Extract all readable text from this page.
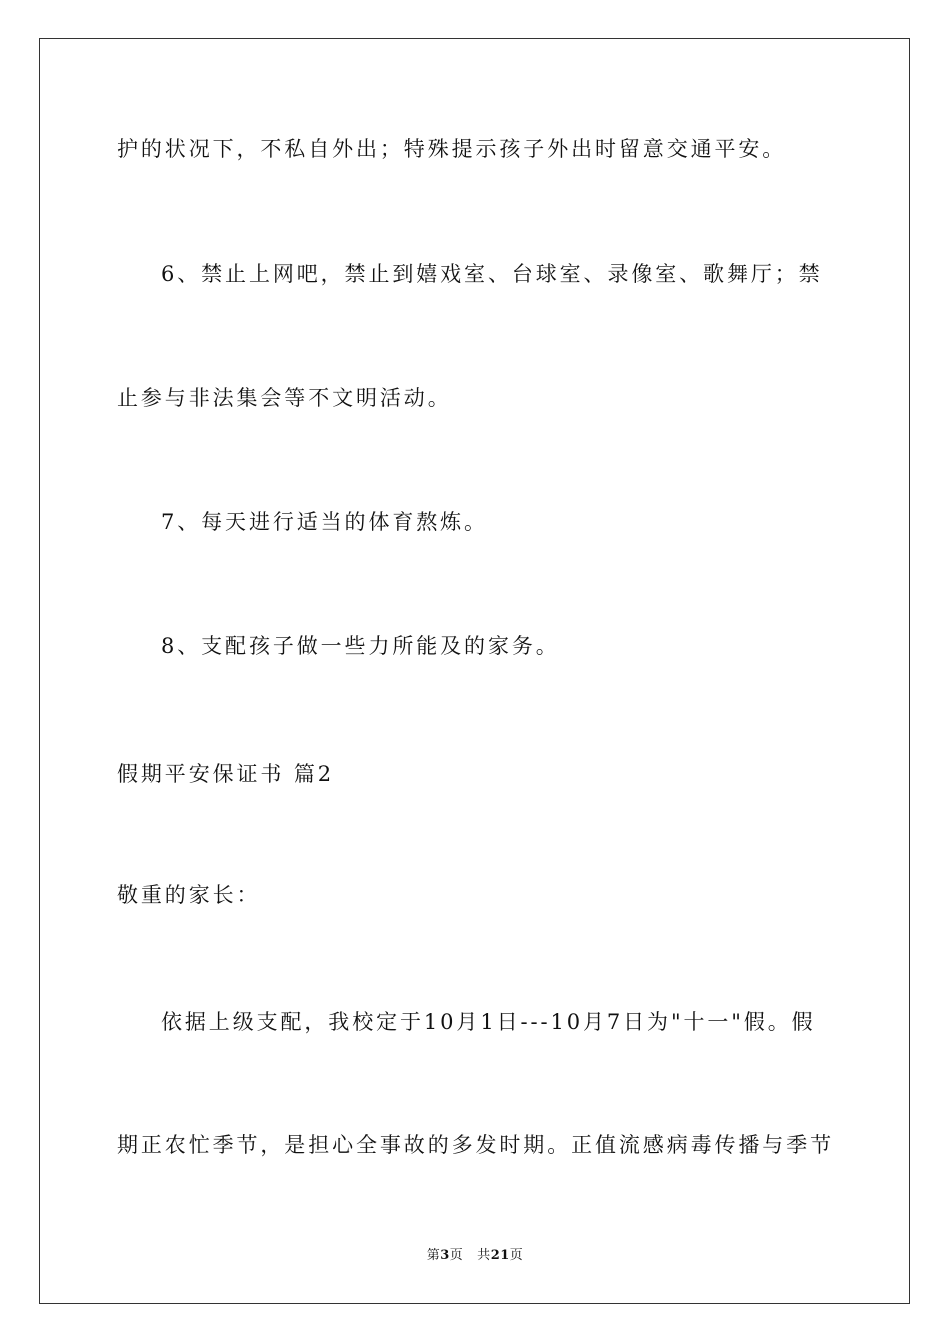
护的状况下，不私自外出；特殊提示孩子外出时留意交通平安。

6、禁止上网吧，禁止到嬉戏室、台球室、录像室、歌舞厅；禁

止参与非法集会等不文明活动。

7、每天进行适当的体育熬炼。

8、支配孩子做一些力所能及的家务。

假期平安保证书 篇2

敬重的家长：

依据上级支配，我校定于10月1日---10月7日为"十一"假。假

期正农忙季节，是担心全事故的多发时期。正值流感病毒传播与季节

第3页 共21页
